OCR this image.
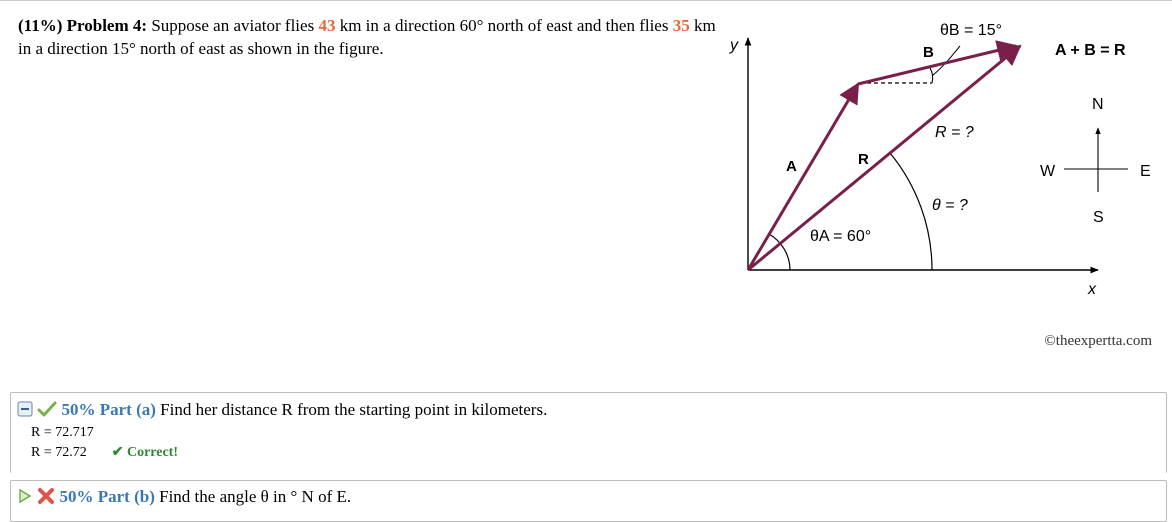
(11%) Problem 4: Suppose an aviator flies 43 km in a direction 60° north of east and then flies 35 km in a direction 15° north of east as shown in the figure.	y
x
A	R
B
θB = 15°
A + B = R
R = ?
θ = ?
θA = 60°
N
S
E
W
©theexpertta.com
50% Part (a) Find her distance R from the starting point in kilometers.
R = 72.717
R = 72.72 ✔ Correct!
50% Part (b) Find the angle θ in ° N of E.
